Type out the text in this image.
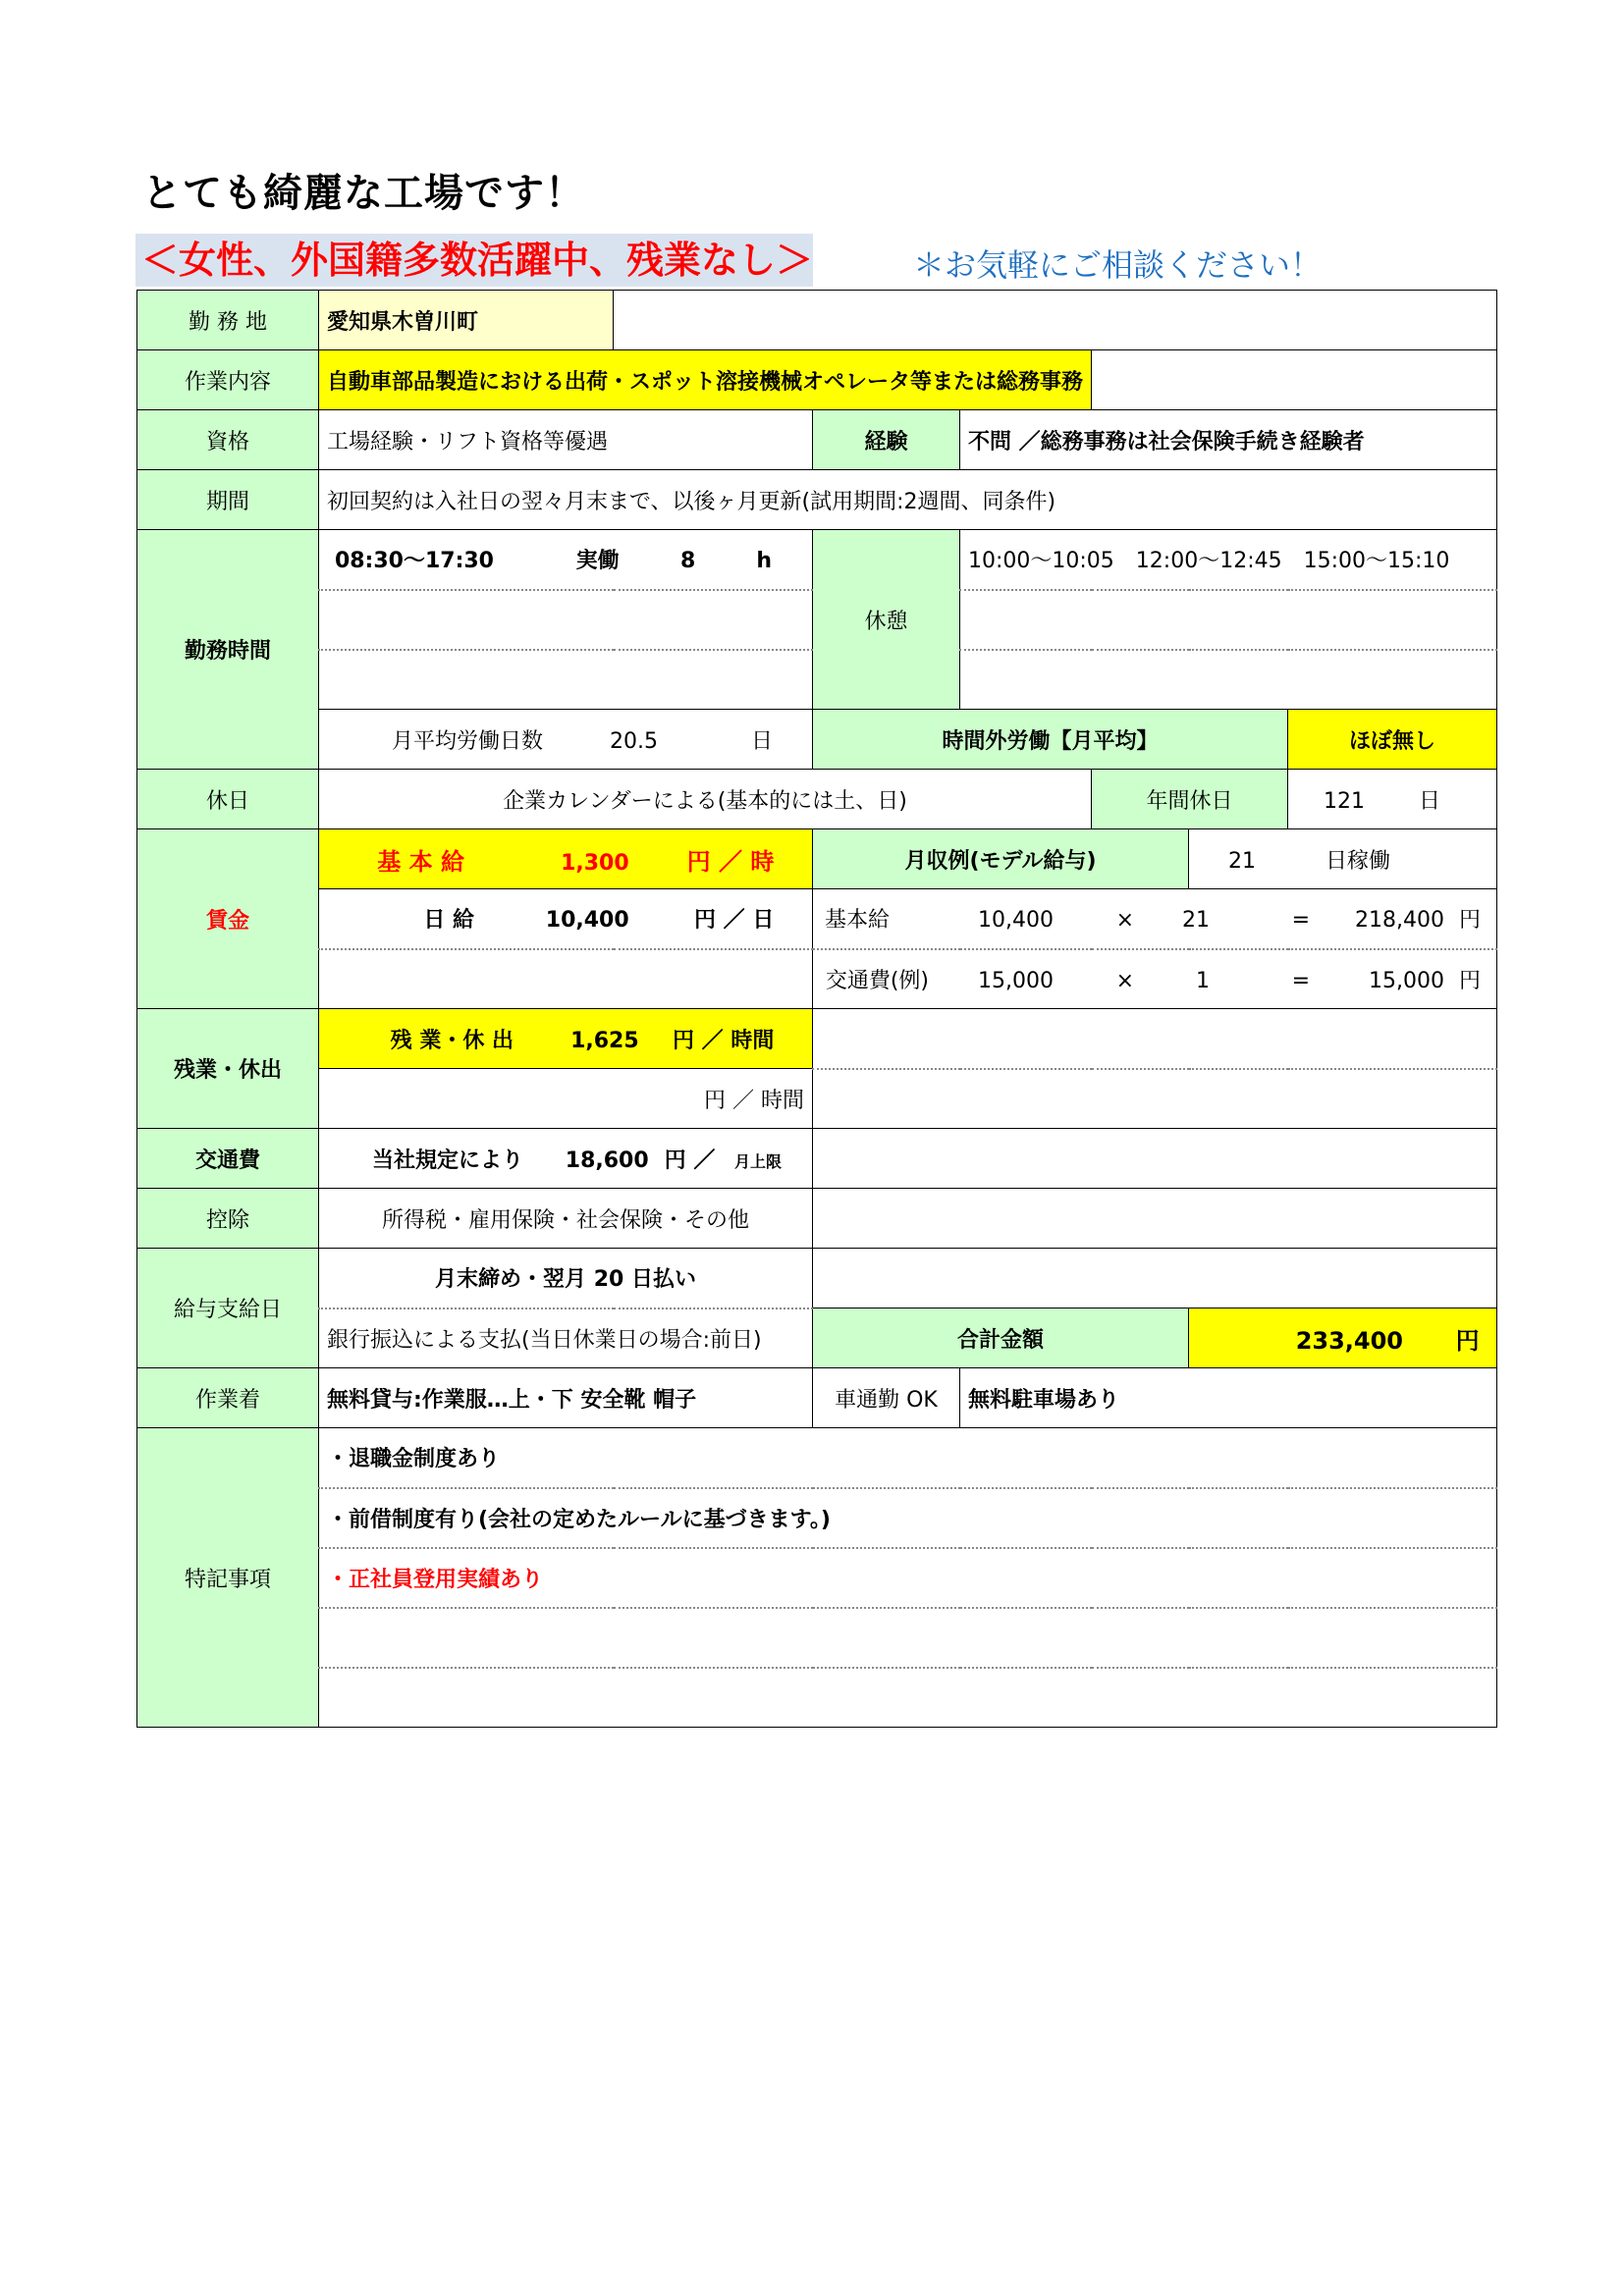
とても綺麗な工場です！
＜女性、外国籍多数活躍中、残業なし＞	＊お気軽にご相談ください！
勤 務 地	愛知県木曽川町						
作業内容	自動車部品製造における出荷・スポット溶接機械オペレータ等または総務事務						
資格	工場経験・リフト資格等優遇		経験	不問 ／総務事務は社会保険手続き経験者			
期間	初回契約は入社日の翌々月末まで、以後ヶ月更新(試用期間:2週間、同条件)						
勤務時間	08:30〜17:30 実働 8 h		休憩	10:00〜10:05　12:00〜12:45　15:00〜15:10			

	月平均労働日数 20.5 日		時間外労働【月平均】				ほぼ無し
休日	企業カレンダーによる(基本的には土、日)				年間休日		121 日
賃金	基 本 給 1,300 円 ／ 時		月収例(モデル給与)			21 日稼働	
	日 給 10,400 円 ／ 日		基本給 10,400 × 21 = 218,400 円				
			交通費(例) 15,000 × 1 = 15,000 円				
残業・休出	残 業・休 出 1,625 円 ／ 時間						
	円 ／ 時間						
交通費	当社規定により 18,600 円 ／ 月上限						
控除	所得税・雇用保険・社会保険・その他						
給与支給日	月末締め・翌月 20 日払い						
	銀行振込による支払(当日休業日の場合:前日)		合計金額			233,400 円	
作業着	無料貸与:作業服…上・下 安全靴 帽子		車通勤 OK	無料駐車場あり			
特記事項	・退職金制度あり						
	・前借制度有り(会社の定めたルールに基づきます。)						
	・正社員登用実績あり						
